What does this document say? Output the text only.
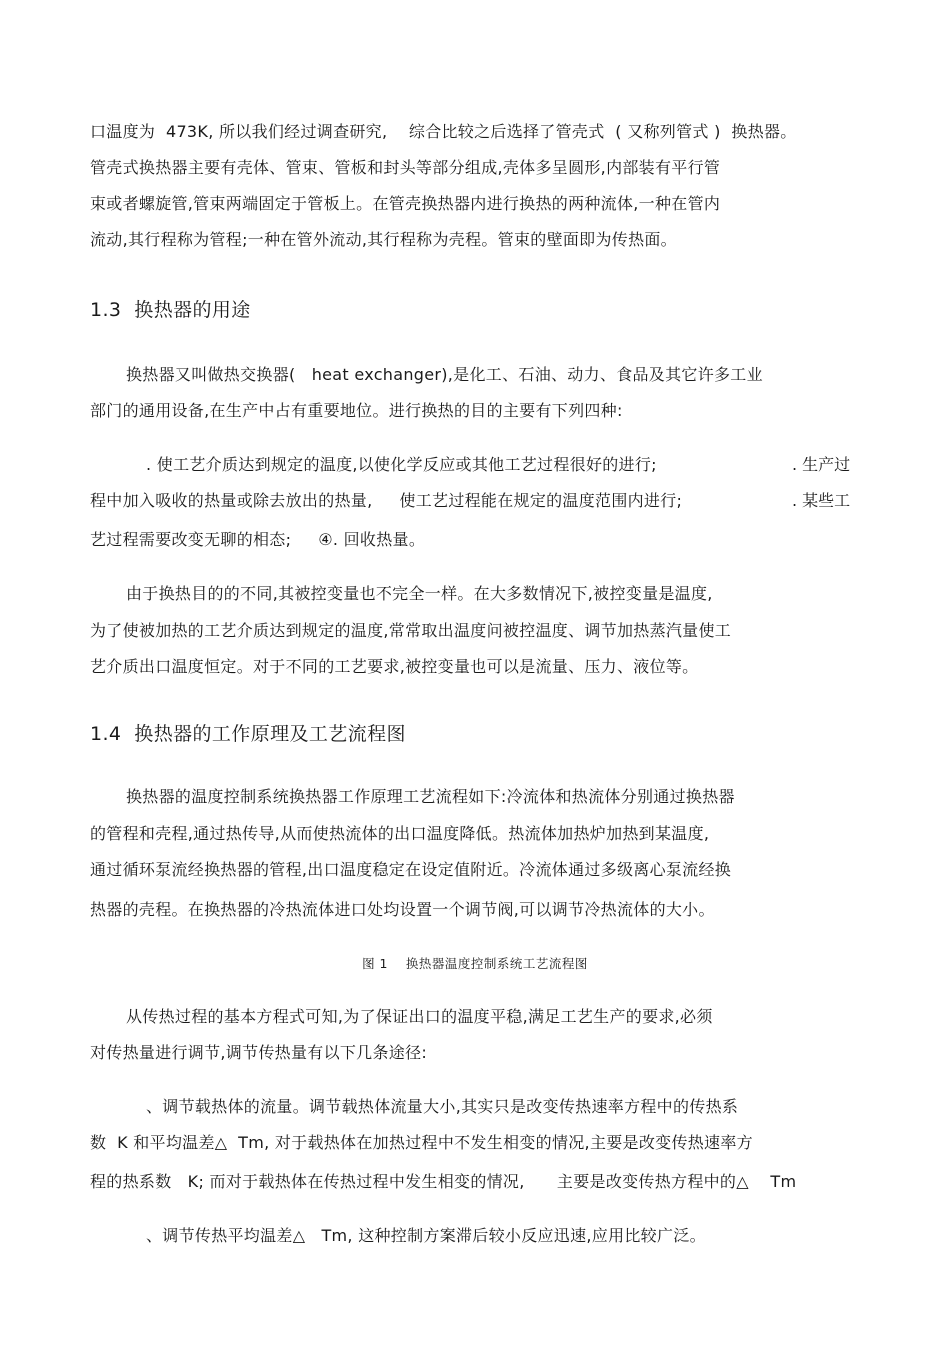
口温度为  473K, 所以我们经过调查研究,    综合比较之后选择了管壳式  ( 又称列管式 )  换热器。
管壳式换热器主要有壳体、管束、管板和封头等部分组成,壳体多呈圆形,内部装有平行管
束或者螺旋管,管束两端固定于管板上。在管壳换热器内进行换热的两种流体,一种在管内
流动,其行程称为管程;一种在管外流动,其行程称为壳程。管束的壁面即为传热面。
1.3  换热器的用途
换热器又叫做热交换器(   heat exchanger),是化工、石油、动力、食品及其它许多工业
部门的通用设备,在生产中占有重要地位。进行换热的目的主要有下列四种:
. 使工艺介质达到规定的温度,以使化学反应或其他工艺过程很好的进行;	. 生产过
程中加入吸收的热量或除去放出的热量,     使工艺过程能在规定的温度范围内进行;	. 某些工
艺过程需要改变无聊的相态;     ④. 回收热量。
由于换热目的的不同,其被控变量也不完全一样。在大多数情况下,被控变量是温度,
为了使被加热的工艺介质达到规定的温度,常常取出温度问被控温度、调节加热蒸汽量使工
艺介质出口温度恒定。对于不同的工艺要求,被控变量也可以是流量、压力、液位等。
1.4  换热器的工作原理及工艺流程图
换热器的温度控制系统换热器工作原理工艺流程如下:冷流体和热流体分别通过换热器
的管程和壳程,通过热传导,从而使热流体的出口温度降低。热流体加热炉加热到某温度,
通过循环泵流经换热器的管程,出口温度稳定在设定值附近。冷流体通过多级离心泵流经换
热器的壳程。在换热器的冷热流体进口处均设置一个调节阀,可以调节冷热流体的大小。
图 1    换热器温度控制系统工艺流程图
从传热过程的基本方程式可知,为了保证出口的温度平稳,满足工艺生产的要求,必须
对传热量进行调节,调节传热量有以下几条途径:
、调节载热体的流量。调节载热体流量大小,其实只是改变传热速率方程中的传热系
数  K 和平均温差△  Tm, 对于载热体在加热过程中不发生相变的情况,主要是改变传热速率方
程的热系数   K; 而对于载热体在传热过程中发生相变的情况,      主要是改变传热方程中的△    Tm
、调节传热平均温差△   Tm, 这种控制方案滞后较小反应迅速,应用比较广泛。
